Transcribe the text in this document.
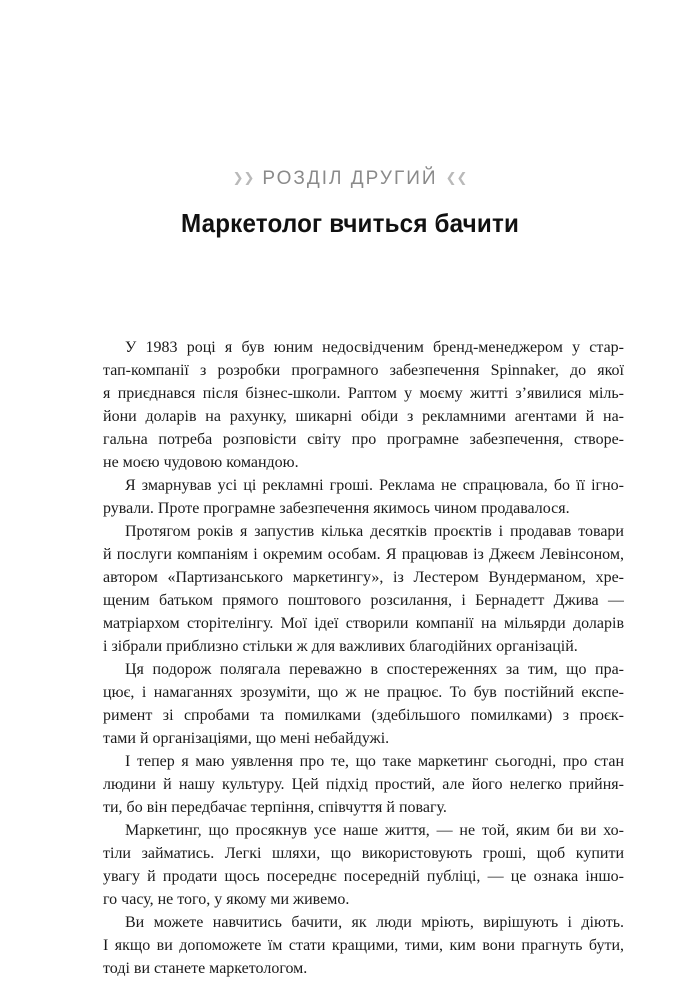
❯❯ РОЗДІЛ ДРУГИЙ ❮❮
Маркетолог вчиться бачити
У 1983 році я був юним недосвідченим бренд-менеджером у стар-
тап-компанії з розробки програмного забезпечення Spinnaker, до якої
я приєднався після бізнес-школи. Раптом у моєму житті з’явилися міль-
йони доларів на рахунку, шикарні обіди з рекламними агентами й на-
гальна потреба розповісти світу про програмне забезпечення, створе-
не моєю чудовою командою.
Я змарнував усі ці рекламні гроші. Реклама не спрацювала, бо її ігно-
рували. Проте програмне забезпечення якимось чином продавалося.
Протягом років я запустив кілька десятків проєктів і продавав товари
й послуги компаніям і окремим особам. Я працював із Джеєм Левінсоном,
автором «Партизанського маркетингу», із Лестером Вундерманом, хре-
щеним батьком прямого поштового розсилання, і Бернадетт Джива —
матріархом сторітелінгу. Мої ідеї створили компанії на мільярди доларів
і зібрали приблизно стільки ж для важливих благодійних організацій.
Ця подорож полягала переважно в спостереженнях за тим, що пра-
цює, і намаганнях зрозуміти, що ж не працює. То був постійний експе-
римент зі спробами та помилками (здебільшого помилками) з проєк-
тами й організаціями, що мені небайдужі.
І тепер я маю уявлення про те, що таке маркетинг сьогодні, про стан
людини й нашу культуру. Цей підхід простий, але його нелегко прийня-
ти, бо він передбачає терпіння, співчуття й повагу.
Маркетинг, що просякнув усе наше життя, — не той, яким би ви хо-
тіли займатись. Легкі шляхи, що використовують гроші, щоб купити
увагу й продати щось посереднє посередній публіці, — це ознака іншо-
го часу, не того, у якому ми живемо.
Ви можете навчитись бачити, як люди мріють, вирішують і діють.
І якщо ви допоможете їм стати кращими, тими, ким вони прагнуть бути,
тоді ви станете маркетологом.
